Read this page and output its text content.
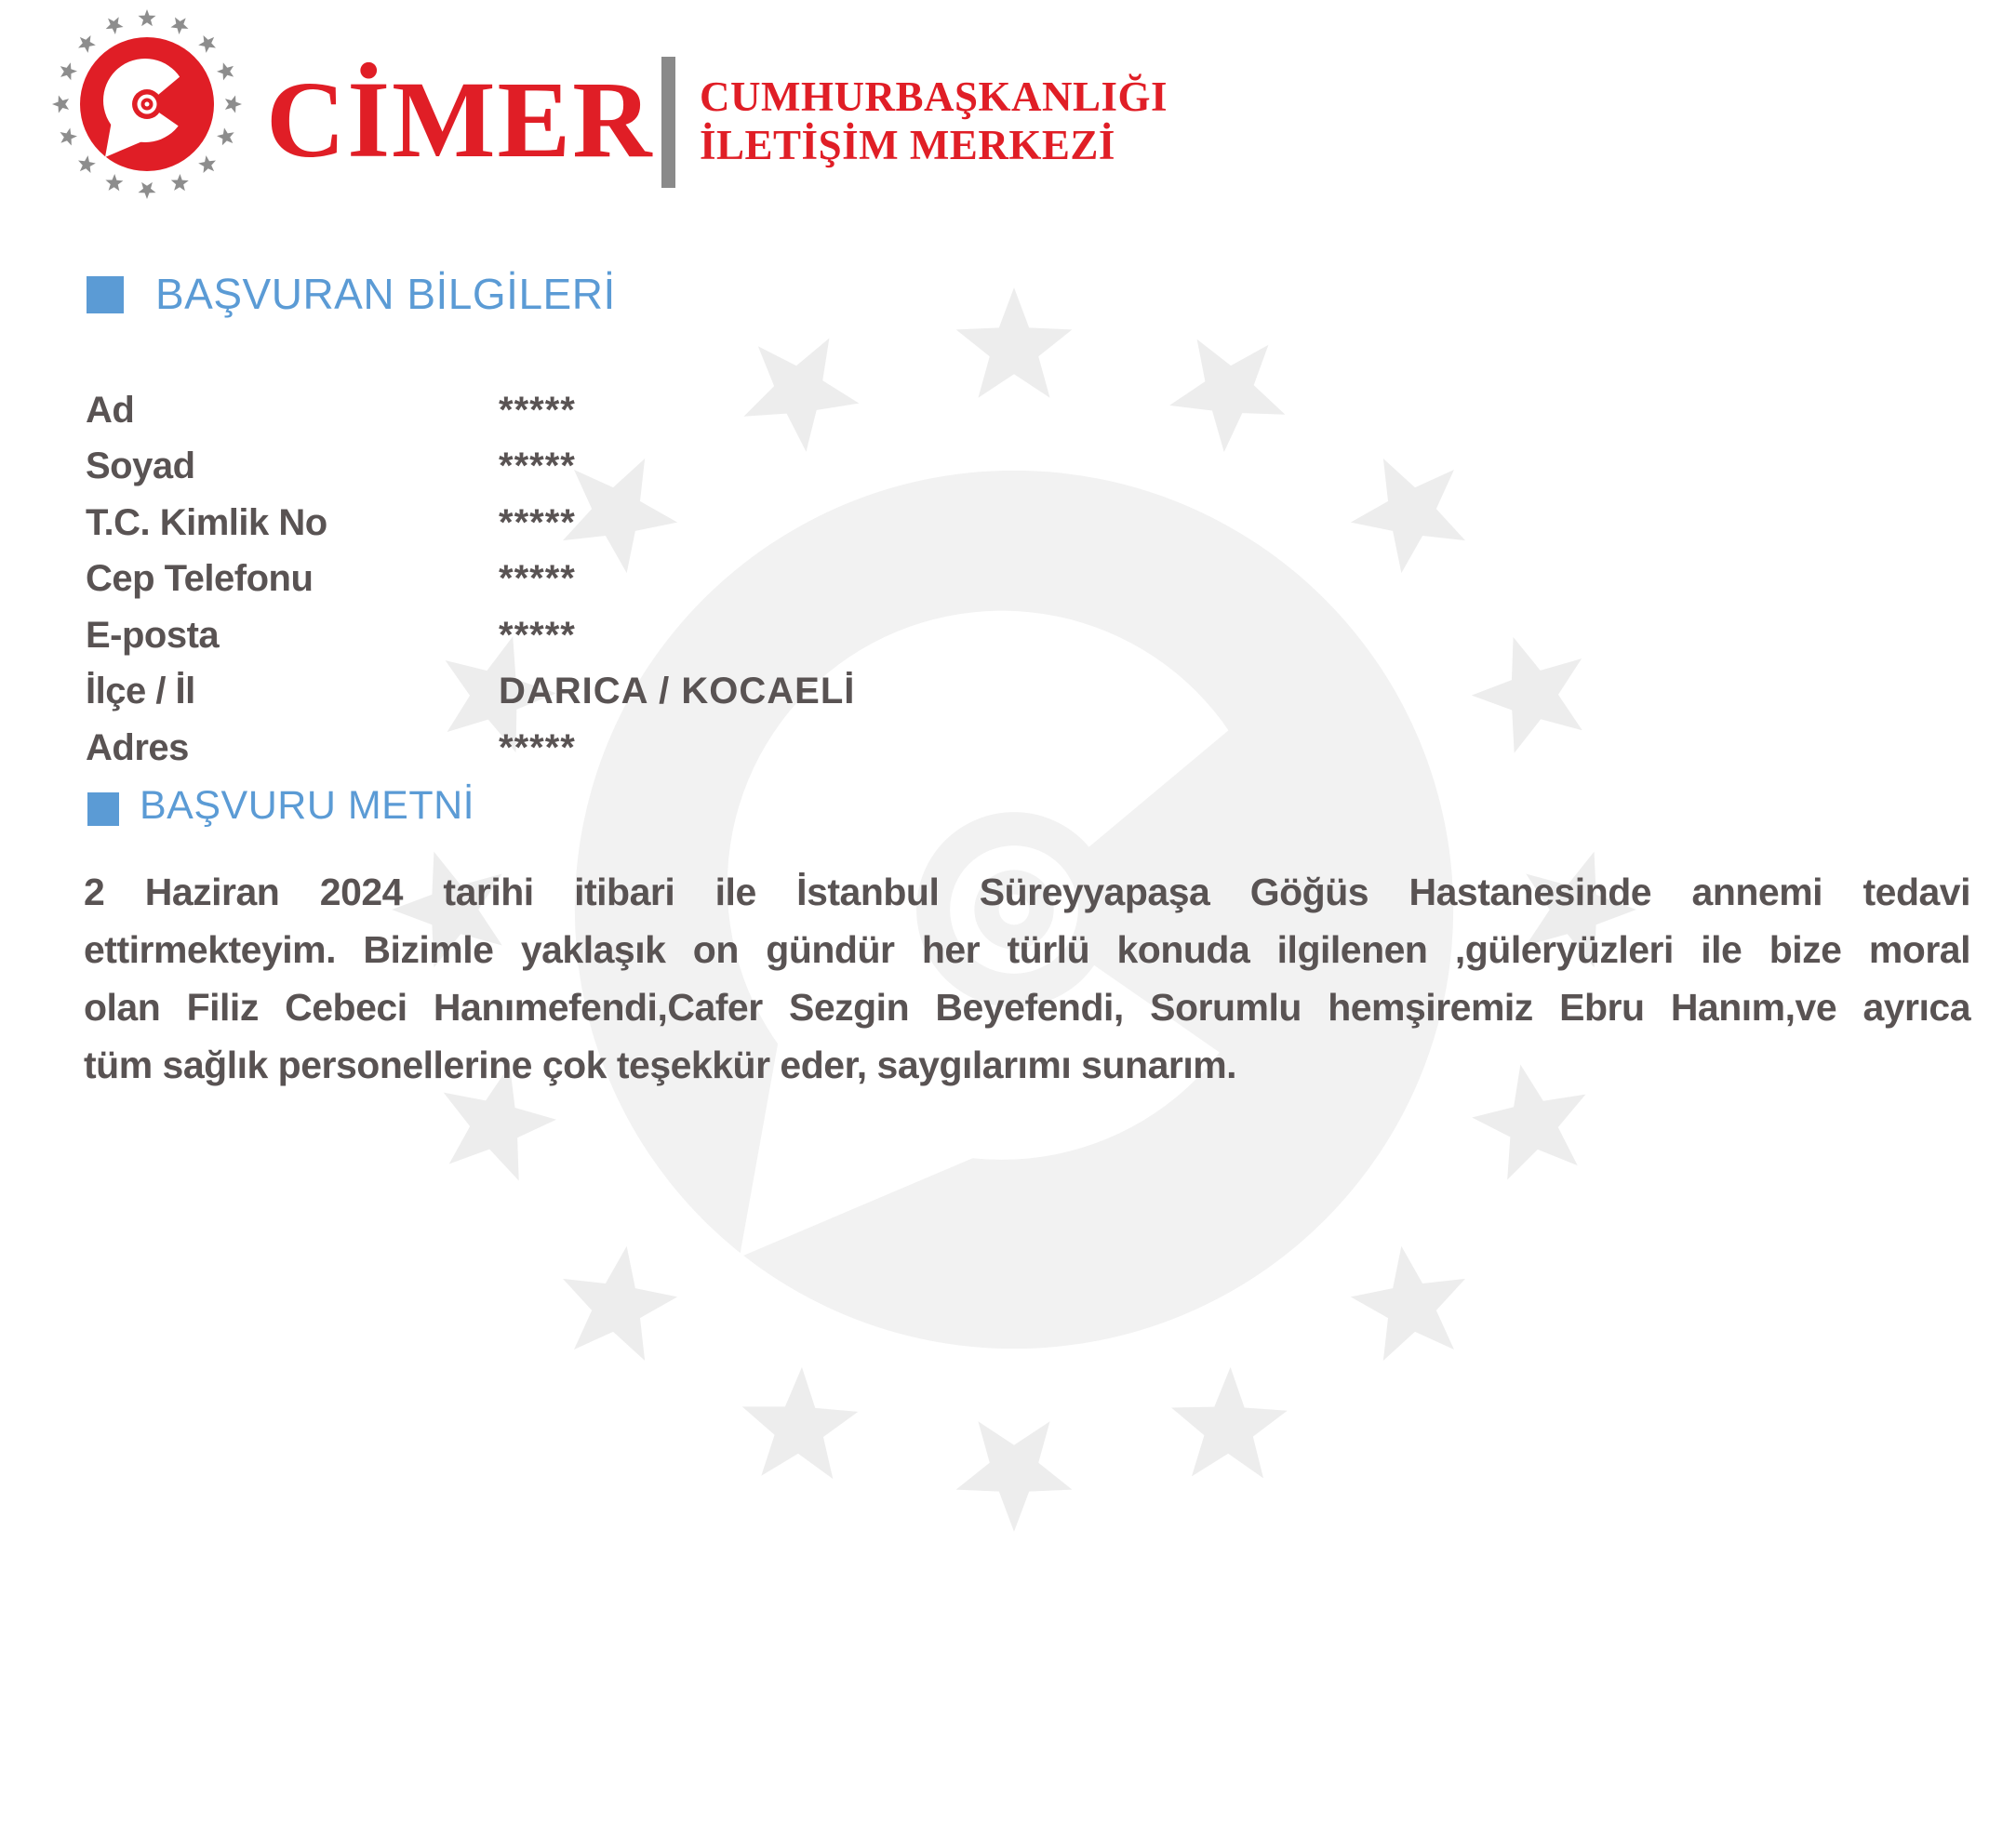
CİMER CUMHURBAŞKANLIĞI
İLETİŞİM MERKEZİ
BAŞVURAN BİLGİLERİ
Ad	*****
Soyad	*****
T.C. Kimlik No	*****
Cep Telefonu	*****
E-posta	*****
İlçe / İl	DARICA / KOCAELİ
Adres	*****
BAŞVURU METNİ
2 Haziran 2024 tarihi itibari ile İstanbul Süreyyapaşa Göğüs Hastanesinde annemi tedavi
ettirmekteyim. Bizimle yaklaşık on gündür her türlü konuda ilgilenen ,güleryüzleri ile bize moral
olan Filiz Cebeci Hanımefendi,Cafer Sezgin Beyefendi, Sorumlu hemşiremiz Ebru Hanım,ve ayrıca
tüm sağlık personellerine çok teşekkür eder, saygılarımı sunarım.
